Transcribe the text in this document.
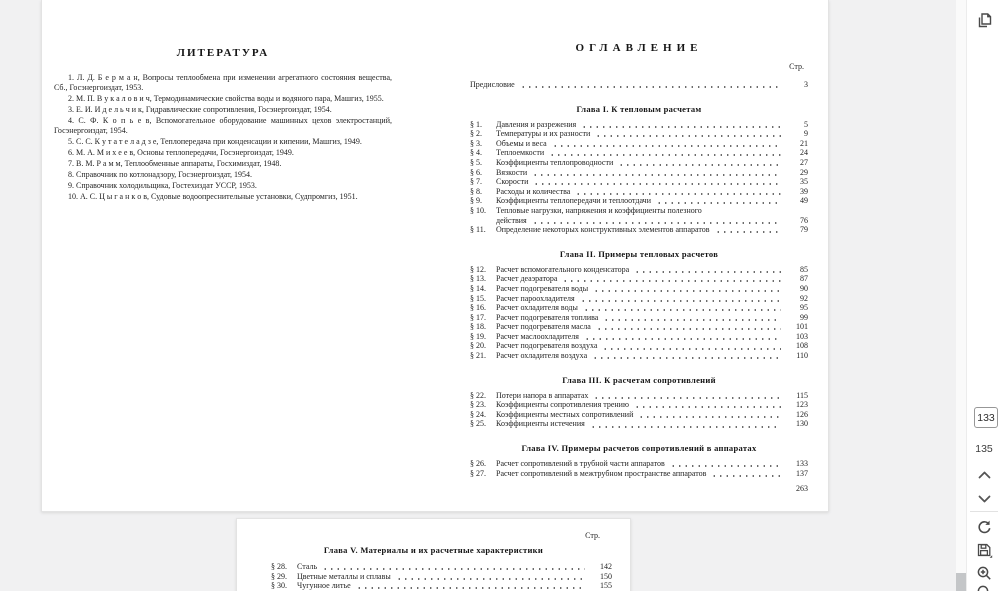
ЛИТЕРАТУРА

1. Л. Д. Б е р м а н, Вопросы теплообмена при изменении агрегатного состояния вещества, Сб., Госэнергоиздат, 1953.

2. М. П. В у к а л о в и ч, Термодинамические свойства воды и водяного пара, Машгиз, 1955.

3. Е. И. И д е л ь ч и к, Гидравлические сопротивления, Госэнергоиздат, 1954.

4. С. Ф. К о п ь е в, Вспомогательное оборудование машинных цехов электростанций, Госэнергоиздат, 1954.

5. С. С. К у т а т е л а д з е, Теплопередача при конденсации и кипении, Машгиз, 1949.

6. М. А. М и х е е в, Основы теплопередачи, Госэнергоиздат, 1949.

7. В. М. Р а м м, Теплообменные аппараты, Госхимиздат, 1948.

8. Справочник по котлонадзору, Госэнергоиздат, 1954.

9. Справочник холодильщика, Гостехиздат УССР, 1953.

10. А. С. Ц ы г а н к о в, Судовые водоопреснительные установки, Судпромгиз, 1951.

ОГЛАВЛЕНИЕ
Стр.
Предисловие	3
Глава I. К тепловым расчетам
§ 1.	Давления и разрежения	5
§ 2.	Температуры и их разности	9
§ 3.	Объемы и веса	21
§ 4.	Теплоемкости	24
§ 5.	Коэффициенты теплопроводности	27
§ 6.	Вязкости	29
§ 7.	Скорости	35
§ 8.	Расходы и количества	39
§ 9.	Коэффициенты теплопередачи и теплоотдачи	49
§ 10.	Тепловые нагрузки, напряжения и коэффициенты полезного
действия	76
§ 11.	Определение некоторых конструктивных элементов аппаратов	79
Глава II. Примеры тепловых расчетов
§ 12.	Расчет вспомогательного конденсатора	85
§ 13.	Расчет деаэратора	87
§ 14.	Расчет подогревателя воды	90
§ 15.	Расчет пароохладителя	92
§ 16.	Расчет охладителя воды	95
§ 17.	Расчет подогревателя топлива	99
§ 18.	Расчет подогревателя масла	101
§ 19.	Расчет маслоохладителя	103
§ 20.	Расчет подогревателя воздуха	108
§ 21.	Расчет охладителя воздуха	110
Глава III. К расчетам сопротивлений
§ 22.	Потери напора в аппаратах	115
§ 23.	Коэффициенты сопротивления трению	123
§ 24.	Коэффициенты местных сопротивлений	126
§ 25.	Коэффициенты истечения	130
Глава IV. Примеры расчетов сопротивлений в аппаратах
§ 26.	Расчет сопротивлений в трубной части аппаратов	133
§ 27.	Расчет сопротивлений в межтрубном пространстве аппаратов	137
263
Стр.
Глава V. Материалы и их расчетные характеристики
§ 28.	Сталь	142
§ 29.	Цветные металлы и сплавы	150
§ 30.	Чугунное литье	155
133
135
